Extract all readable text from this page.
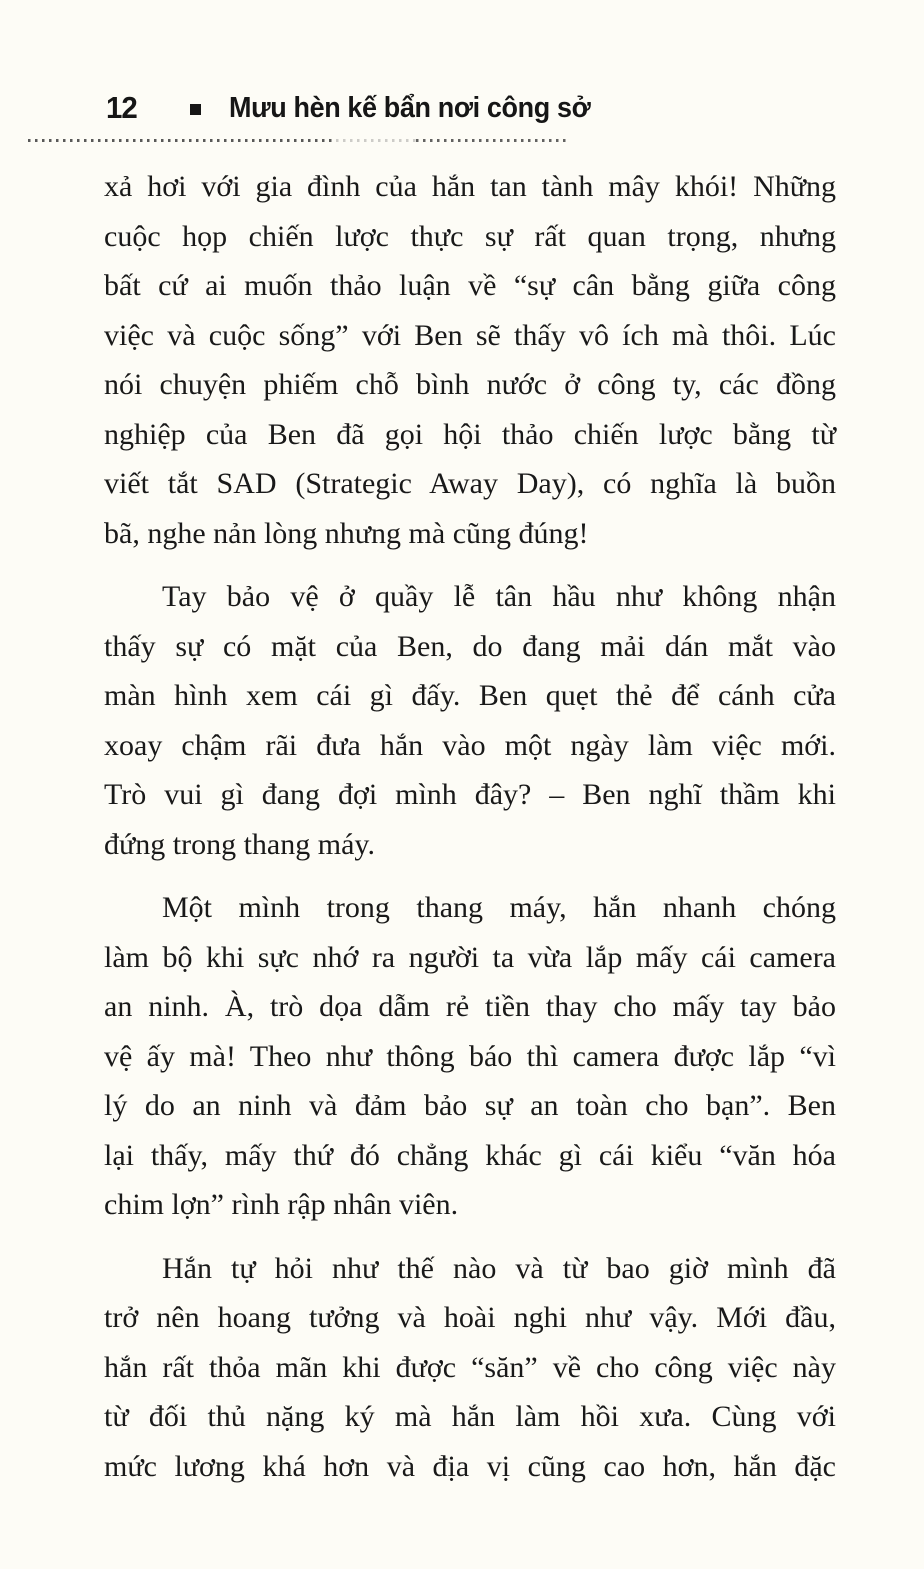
12	Mưu hèn kế bẩn nơi công sở
xả hơi với gia đình của hắn tan tành mây khói! Những
cuộc họp chiến lược thực sự rất quan trọng, nhưng
bất cứ ai muốn thảo luận về “sự cân bằng giữa công
việc và cuộc sống” với Ben sẽ thấy vô ích mà thôi. Lúc
nói chuyện phiếm chỗ bình nước ở công ty, các đồng
nghiệp của Ben đã gọi hội thảo chiến lược bằng từ
viết tắt SAD (Strategic Away Day), có nghĩa là buồn
bã, nghe nản lòng nhưng mà cũng đúng!
Tay bảo vệ ở quầy lễ tân hầu như không nhận
thấy sự có mặt của Ben, do đang mải dán mắt vào
màn hình xem cái gì đấy. Ben quẹt thẻ để cánh cửa
xoay chậm rãi đưa hắn vào một ngày làm việc mới.
Trò vui gì đang đợi mình đây? – Ben nghĩ thầm khi
đứng trong thang máy.
Một mình trong thang máy, hắn nhanh chóng
làm bộ khi sực nhớ ra người ta vừa lắp mấy cái camera
an ninh. À, trò dọa dẫm rẻ tiền thay cho mấy tay bảo
vệ ấy mà! Theo như thông báo thì camera được lắp “vì
lý do an ninh và đảm bảo sự an toàn cho bạn”. Ben
lại thấy, mấy thứ đó chẳng khác gì cái kiểu “văn hóa
chim lợn” rình rập nhân viên.
Hắn tự hỏi như thế nào và từ bao giờ mình đã
trở nên hoang tưởng và hoài nghi như vậy. Mới đầu,
hắn rất thỏa mãn khi được “săn” về cho công việc này
từ đối thủ nặng ký mà hắn làm hồi xưa. Cùng với
mức lương khá hơn và địa vị cũng cao hơn, hắn đặc
